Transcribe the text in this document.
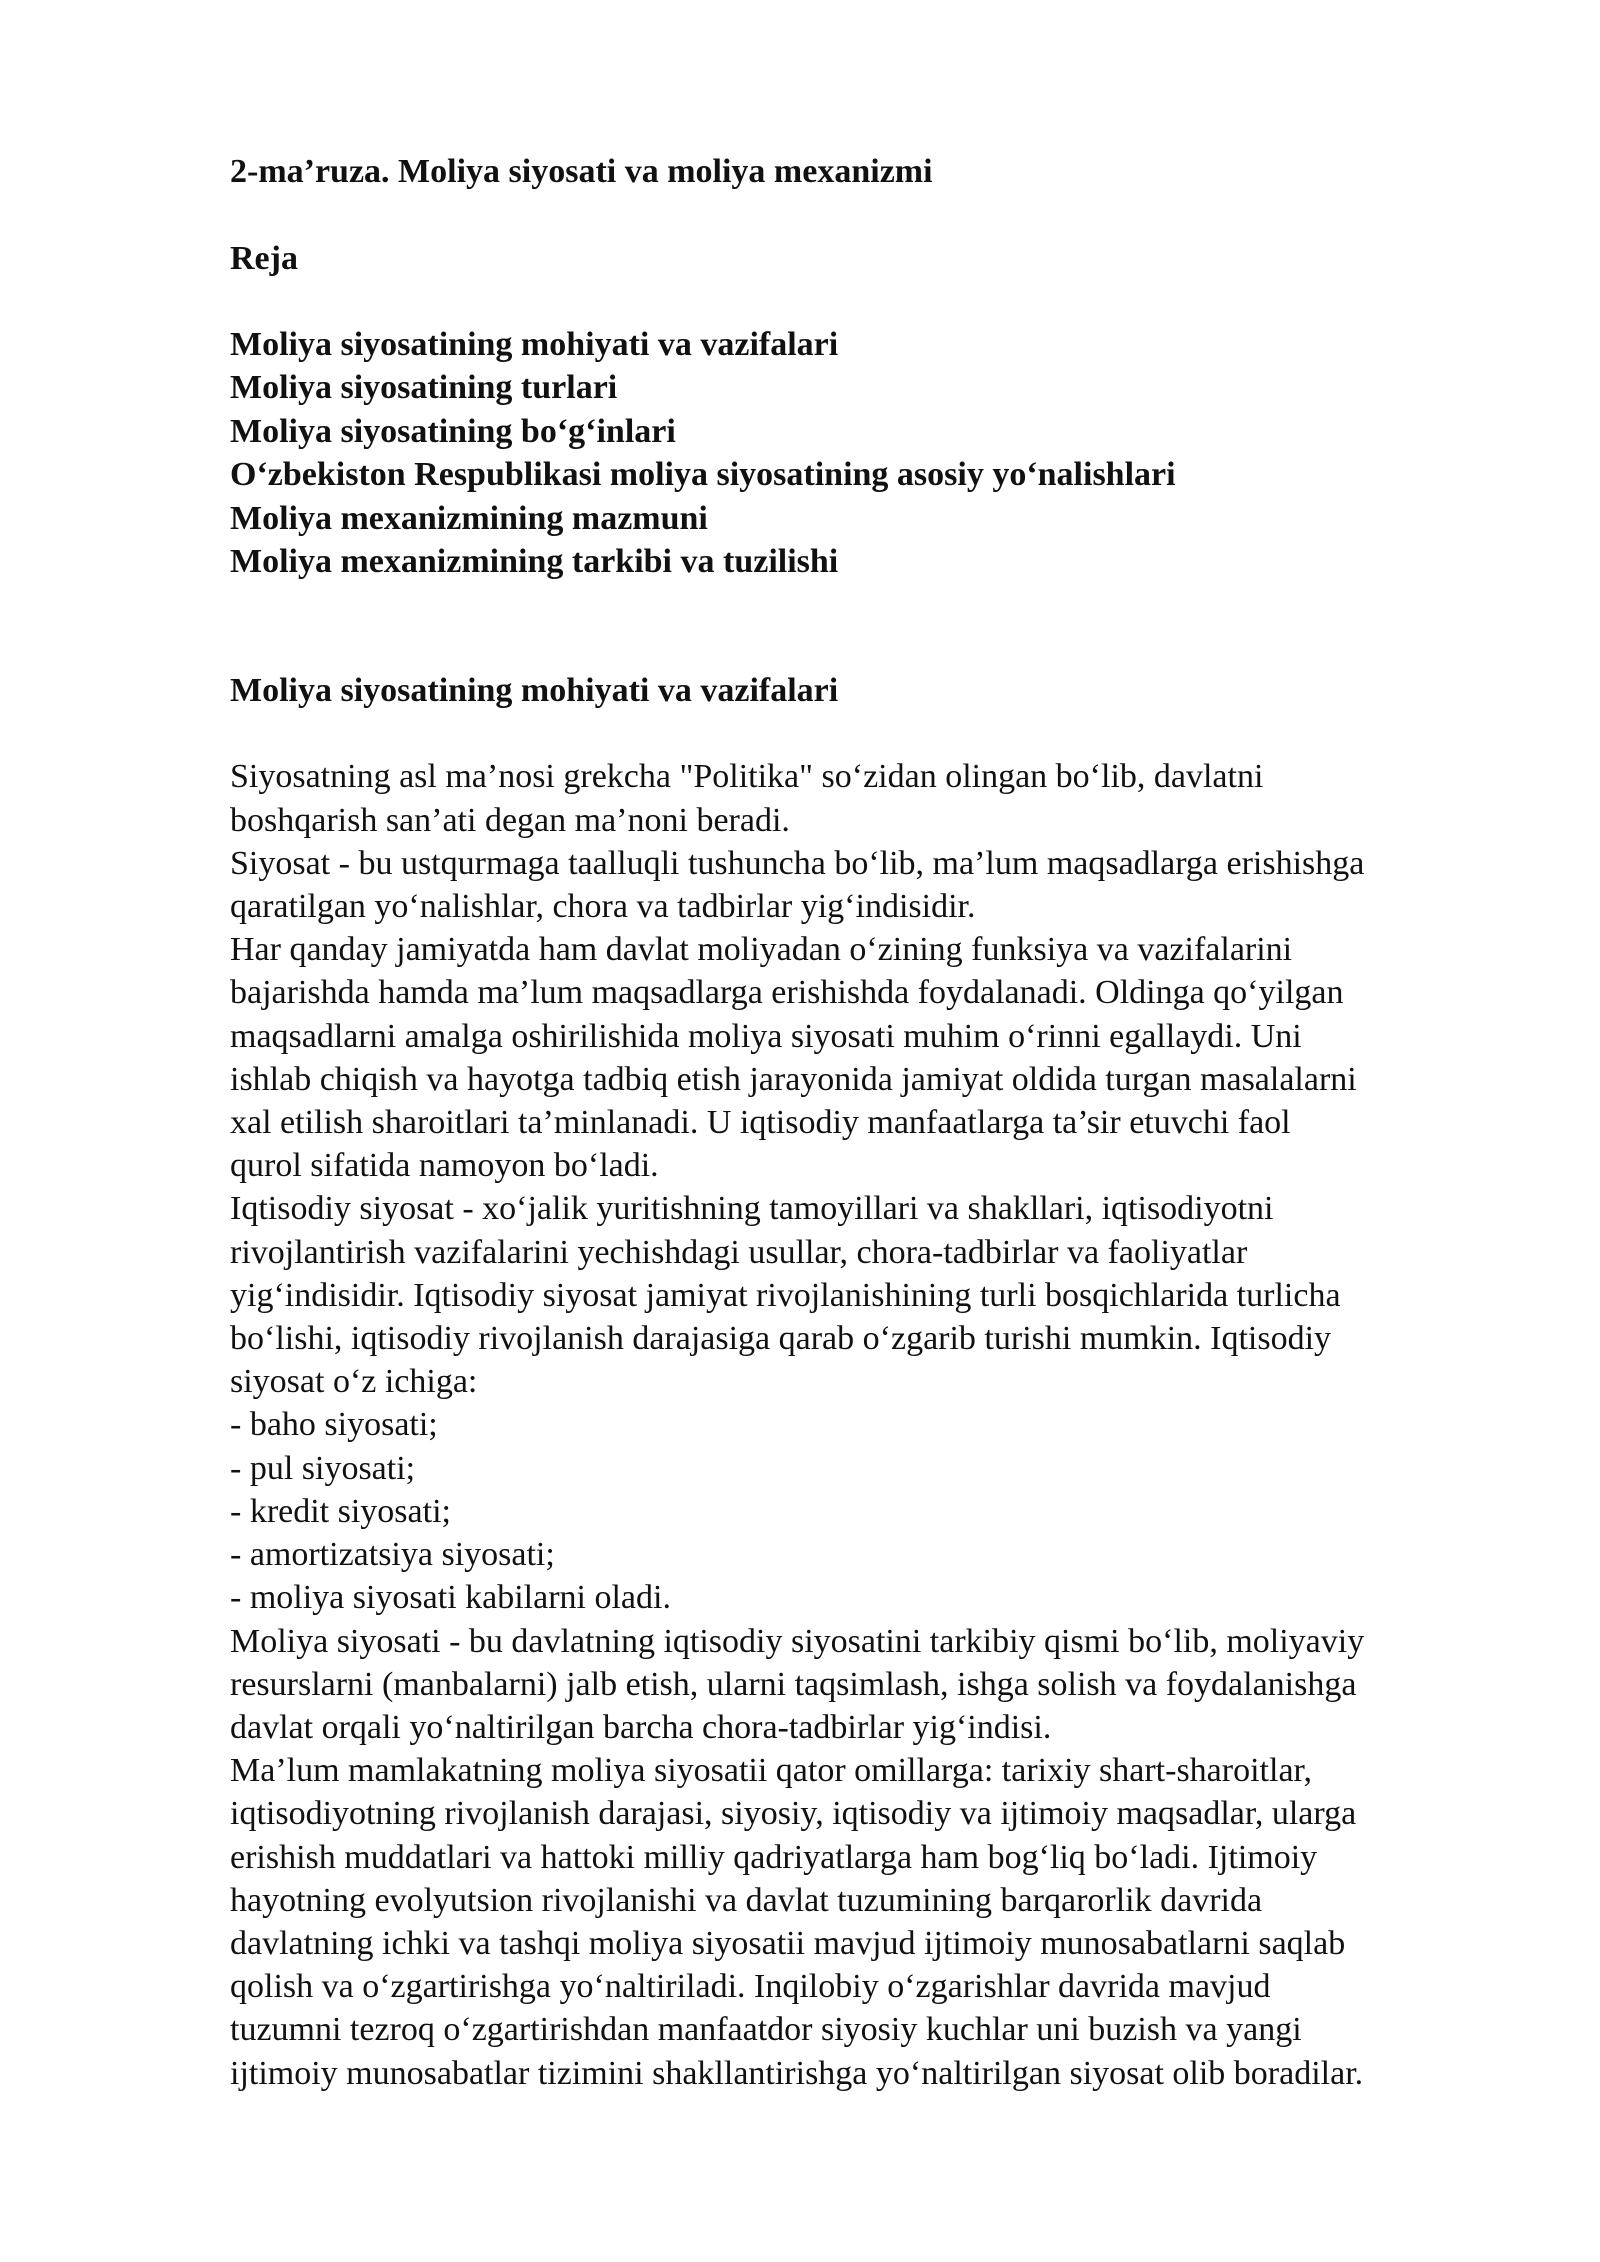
2-ma’ruza. Moliya siyosati va moliya mexanizmi
Reja
Moliya siyosatining mohiyati va vazifalari
Moliya siyosatining turlari
Moliya siyosatining bo‘g‘inlari
O‘zbekiston Respublikasi moliya siyosatining asosiy yo‘nalishlari
Moliya mexanizmining mazmuni
Moliya mexanizmining tarkibi va tuzilishi
Moliya siyosatining mohiyati va vazifalari
Siyosatning asl ma’nosi grekcha "Politika" so‘zidan olingan bo‘lib, davlatni
boshqarish san’ati degan ma’noni beradi.
Siyosat - bu ustqurmaga taalluqli tushuncha bo‘lib, ma’lum maqsadlarga erishishga
qaratilgan yo‘nalishlar, chora va tadbirlar yig‘indisidir.
Har qanday jamiyatda ham davlat moliyadan o‘zining funksiya va vazifalarini
bajarishda hamda ma’lum maqsadlarga erishishda foydalanadi. Oldinga qo‘yilgan
maqsadlarni amalga oshirilishida moliya siyosati muhim o‘rinni egallaydi. Uni
ishlab chiqish va hayotga tadbiq etish jarayonida jamiyat oldida turgan masalalarni
xal etilish sharoitlari ta’minlanadi. U iqtisodiy manfaatlarga ta’sir etuvchi faol
qurol sifatida namoyon bo‘ladi.
Iqtisodiy siyosat - xo‘jalik yuritishning tamoyillari va shakllari, iqtisodiyotni
rivojlantirish vazifalarini yechishdagi usullar, chora-tadbirlar va faoliyatlar
yig‘indisidir. Iqtisodiy siyosat jamiyat rivojlanishining turli bosqichlarida turlicha
bo‘lishi, iqtisodiy rivojlanish darajasiga qarab o‘zgarib turishi mumkin. Iqtisodiy
siyosat o‘z ichiga:
- baho siyosati;
- pul siyosati;
- kredit siyosati;
- amortizatsiya siyosati;
- moliya siyosati kabilarni oladi.
Moliya siyosati - bu davlatning iqtisodiy siyosatini tarkibiy qismi bo‘lib, moliyaviy
resurslarni (manbalarni) jalb etish, ularni taqsimlash, ishga solish va foydalanishga
davlat orqali yo‘naltirilgan barcha chora-tadbirlar yig‘indisi.
Ma’lum mamlakatning moliya siyosatii qator omillarga: tarixiy shart-sharoitlar,
iqtisodiyotning rivojlanish darajasi, siyosiy, iqtisodiy va ijtimoiy maqsadlar, ularga
erishish muddatlari va hattoki milliy qadriyatlarga ham bog‘liq bo‘ladi. Ijtimoiy
hayotning evolyutsion rivojlanishi va davlat tuzumining barqarorlik davrida
davlatning ichki va tashqi moliya siyosatii mavjud ijtimoiy munosabatlarni saqlab
qolish va o‘zgartirishga yo‘naltiriladi. Inqilobiy o‘zgarishlar davrida mavjud
tuzumni tezroq o‘zgartirishdan manfaatdor siyosiy kuchlar uni buzish va yangi
ijtimoiy munosabatlar tizimini shakllantirishga yo‘naltirilgan siyosat olib boradilar.
